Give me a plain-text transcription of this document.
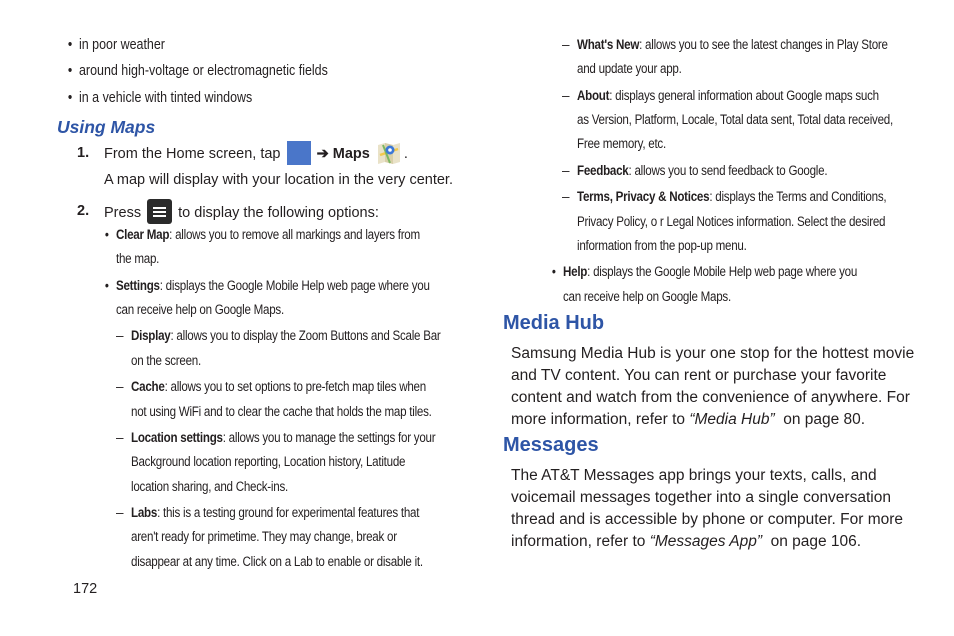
• in poor weather
• around high-voltage or electromagnetic fields
• in a vehicle with tinted windows
Using Maps
1. From the Home screen, tap ➔ Maps .
A map will display with your location in the very center.
2. Press	to display the following options:
• Clear Map: allows you to remove all markings and layers from
the map.
• Settings: displays the Google Mobile Help web page where you
can receive help on Google Maps.
– Display: allows you to display the Zoom Buttons and Scale Bar
on the screen.
– Cache: allows you to set options to pre-fetch map tiles when
not using WiFi and to clear the cache that holds the map tiles.
– Location settings: allows you to manage the settings for your
Background location reporting, Location history, Latitude
location sharing, and Check-ins.
– Labs: this is a testing ground for experimental features that
aren't ready for primetime. They may change, break or
disappear at any time. Click on a Lab to enable or disable it.
172
– What's New: allows you to see the latest changes in Play Store
and update your app.
– About: displays general information about Google maps such
as Version, Platform, Locale, Total data sent, Total data received,
Free memory, etc.
– Feedback: allows you to send feedback to Google.
– Terms, Privacy & Notices: displays the Terms and Conditions,
Privacy Policy, o r Legal Notices information. Select the desired
information from the pop-up menu.
• Help: displays the Google Mobile Help web page where you
can receive help on Google Maps.
Media Hub
Samsung Media Hub is your one stop for the hottest movie
and TV content. You can rent or purchase your favorite
content and watch from the convenience of anywhere. For
more information, refer to “Media Hub”  on page 80.
Messages
The AT&T Messages app brings your texts, calls, and
voicemail messages together into a single conversation
thread and is accessible by phone or computer. For more
information, refer to “Messages App”  on page 106.
